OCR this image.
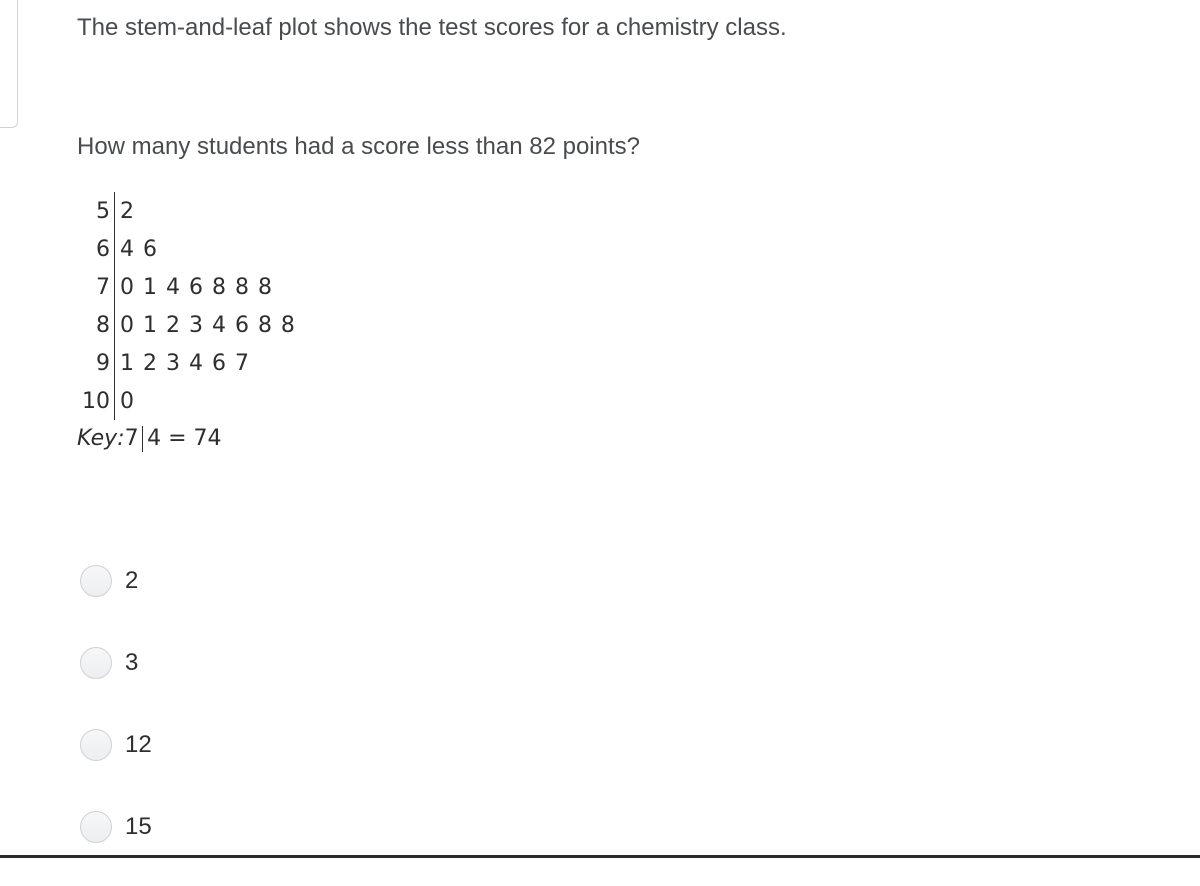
The stem-and-leaf plot shows the test scores for a chemistry class.

How many students had a score less than 82 points?

5 2
6 4 6
7 0 1 4 6 8 8 8
8 0 1 2 3 4 6 8 8
9 1 2 3 4 6 7
10 0
Key:7 4 = 74
2
3
12
15
